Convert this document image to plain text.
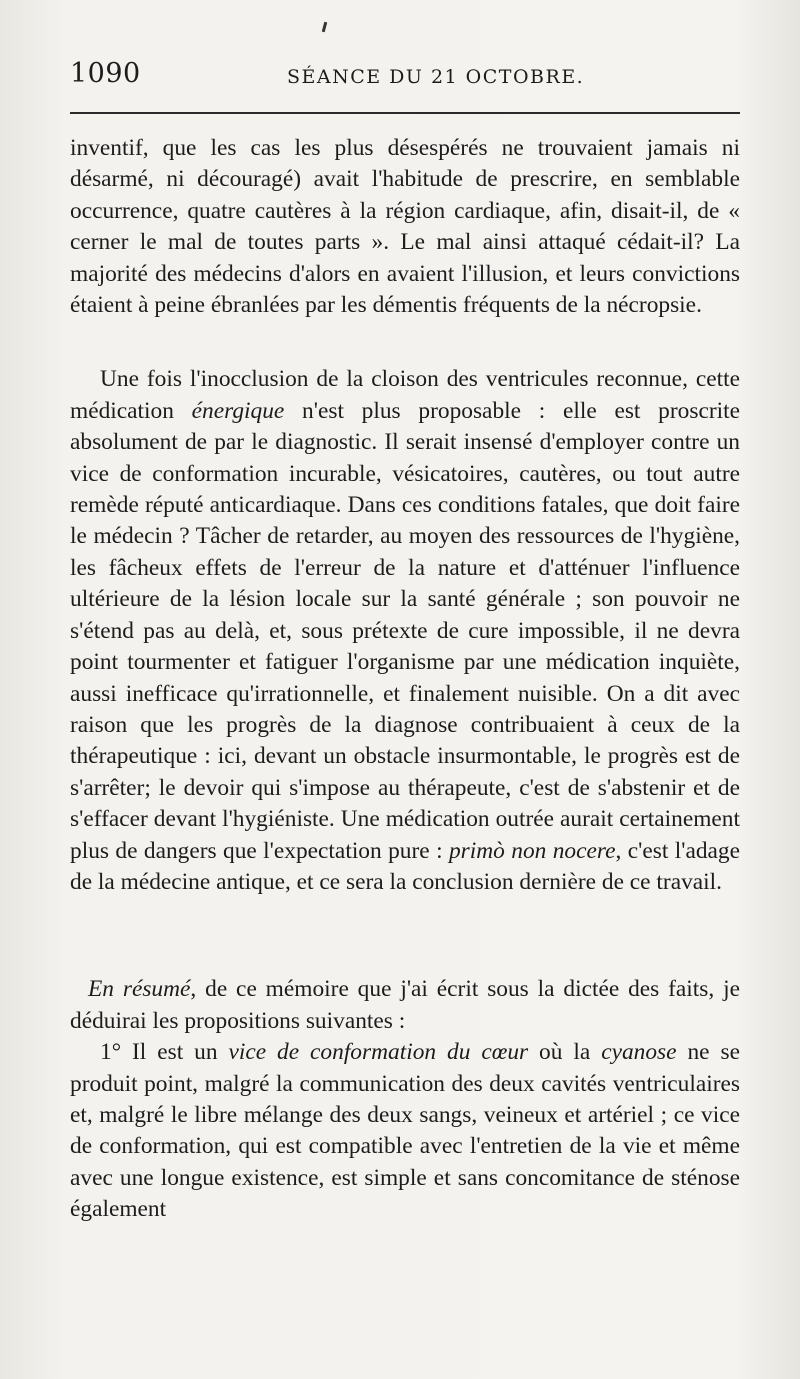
1090	SÉANCE DU 21 OCTOBRE.

inventif, que les cas les plus désespérés ne trouvaient jamais ni désarmé, ni découragé) avait l'habitude de prescrire, en semblable occurrence, quatre cautères à la région cardiaque, afin, disait-il, de « cerner le mal de toutes parts ». Le mal ainsi attaqué cédait-il? La majorité des médecins d'alors en avaient l'illusion, et leurs convictions étaient à peine ébranlées par les démentis fréquents de la nécropsie.

Une fois l'inocclusion de la cloison des ventricules reconnue, cette médication énergique n'est plus proposable : elle est proscrite absolument de par le diagnostic. Il serait insensé d'employer contre un vice de conformation incurable, vésicatoires, cautères, ou tout autre remède réputé anticardiaque. Dans ces conditions fatales, que doit faire le médecin ? Tâcher de retarder, au moyen des ressources de l'hygiène, les fâcheux effets de l'erreur de la nature et d'atténuer l'influence ultérieure de la lésion locale sur la santé générale ; son pouvoir ne s'étend pas au delà, et, sous prétexte de cure impossible, il ne devra point tourmenter et fatiguer l'organisme par une médication inquiète, aussi inefficace qu'irrationnelle, et finalement nuisible. On a dit avec raison que les progrès de la diagnose contribuaient à ceux de la thérapeutique : ici, devant un obstacle insurmontable, le progrès est de s'arrêter; le devoir qui s'impose au thérapeute, c'est de s'abstenir et de s'effacer devant l'hygiéniste. Une médication outrée aurait certainement plus de dangers que l'expectation pure : primò non nocere, c'est l'adage de la médecine antique, et ce sera la conclusion dernière de ce travail.

En résumé, de ce mémoire que j'ai écrit sous la dictée des faits, je déduirai les propositions suivantes :

1° Il est un vice de conformation du cœur où la cyanose ne se produit point, malgré la communication des deux cavités ventriculaires et, malgré le libre mélange des deux sangs, veineux et artériel ; ce vice de conformation, qui est compatible avec l'entretien de la vie et même avec une longue existence, est simple et sans concomitance de sténose également
